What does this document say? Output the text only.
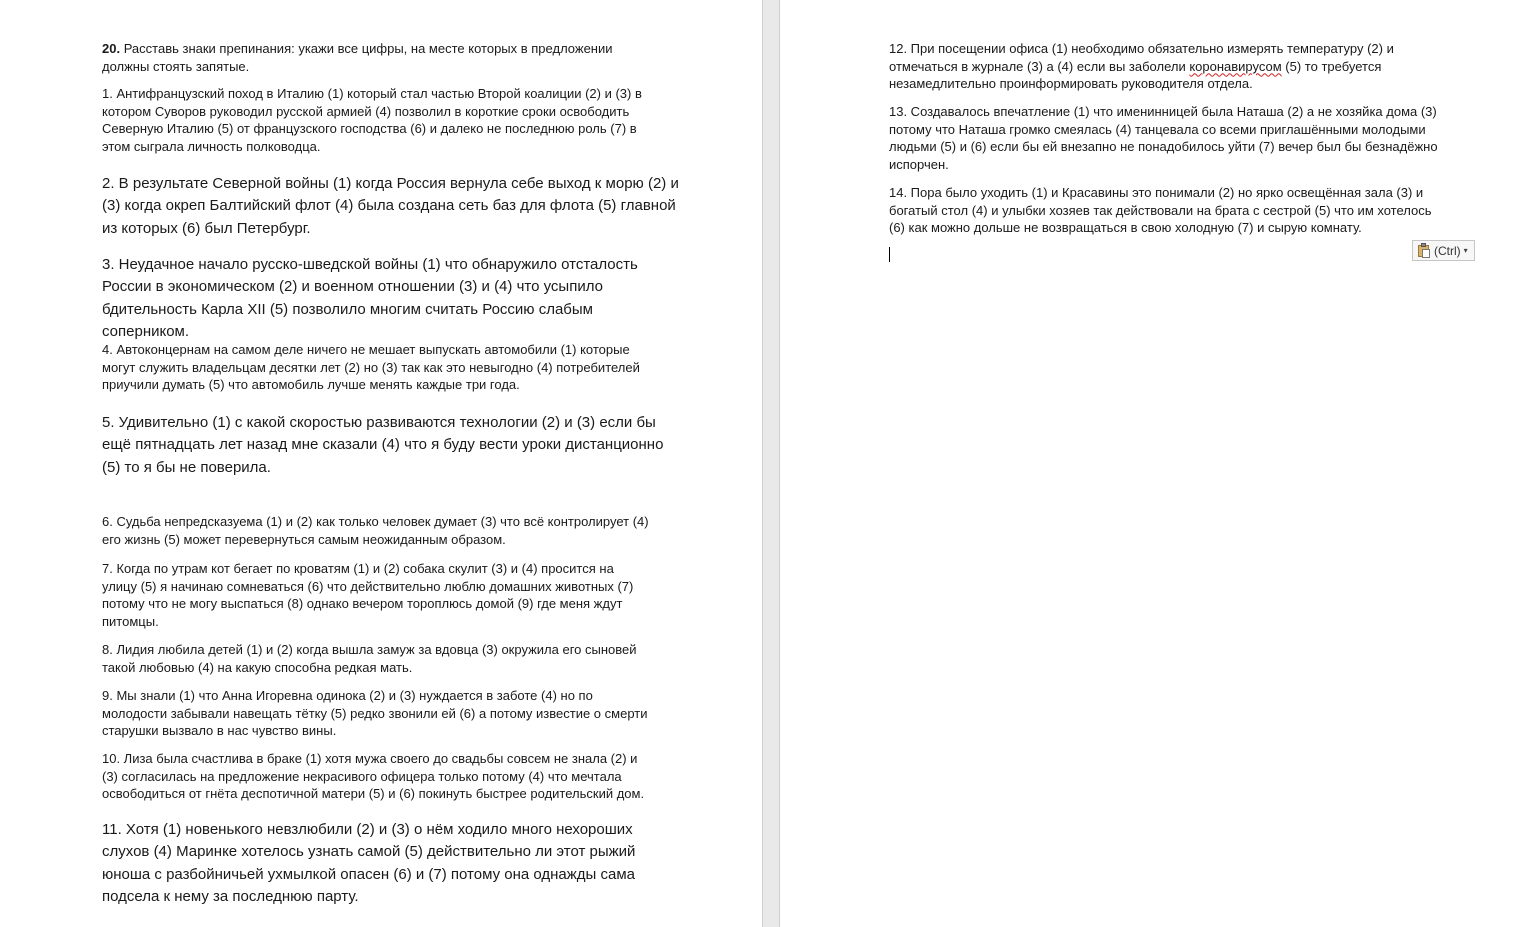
20. Расставь знаки препинания: укажи все цифры, на месте которых в предложении
должны стоять запятые.

1. Антифранцузский поход в Италию (1) который стал частью Второй коалиции (2) и (3) в
котором Суворов руководил русской армией (4) позволил в короткие сроки освободить
Северную Италию (5) от французского господства (6) и далеко не последнюю роль (7) в
этом сыграла личность полководца.

2. В результате Северной войны (1) когда Россия вернула себе выход к морю (2) и
(3) когда окреп Балтийский флот (4) была создана сеть баз для флота (5) главной
из которых (6) был Петербург.

3. Неудачное начало русско-шведской войны (1) что обнаружило отсталость
России в экономическом (2) и военном отношении (3) и (4) что усыпило
бдительность Карла XII (5) позволило многим считать Россию слабым
соперником.

4. Автоконцернам на самом деле ничего не мешает выпускать автомобили (1) которые
могут служить владельцам десятки лет (2) но (3) так как это невыгодно (4) потребителей
приучили думать (5) что автомобиль лучше менять каждые три года.

5. Удивительно (1) с какой скоростью развиваются технологии (2) и (3) если бы
ещё пятнадцать лет назад мне сказали (4) что я буду вести уроки дистанционно
(5) то я бы не поверила.

6. Судьба непредсказуема (1) и (2) как только человек думает (3) что всё контролирует (4)
его жизнь (5) может перевернуться самым неожиданным образом.

7. Когда по утрам кот бегает по кроватям (1) и (2) собака скулит (3) и (4) просится на
улицу (5) я начинаю сомневаться (6) что действительно люблю домашних животных (7)
потому что не могу выспаться (8) однако вечером тороплюсь домой (9) где меня ждут
питомцы.

8. Лидия любила детей (1) и (2) когда вышла замуж за вдовца (3) окружила его сыновей
такой любовью (4) на какую способна редкая мать.

9. Мы знали (1) что Анна Игоревна одинока (2) и (3) нуждается в заботе (4) но по
молодости забывали навещать тётку (5) редко звонили ей (6) а потому известие о смерти
старушки вызвало в нас чувство вины.

10. Лиза была счастлива в браке (1) хотя мужа своего до свадьбы совсем не знала (2) и
(3) согласилась на предложение некрасивого офицера только потому (4) что мечтала
освободиться от гнёта деспотичной матери (5) и (6) покинуть быстрее родительский дом.

11. Хотя (1) новенького невзлюбили (2) и (3) о нём ходило много нехороших
слухов (4) Маринке хотелось узнать самой (5) действительно ли этот рыжий
юноша с разбойничьей ухмылкой опасен (6) и (7) потому она однажды сама
подсела к нему за последнюю парту.

12. При посещении офиса (1) необходимо обязательно измерять температуру (2) и
отмечаться в журнале (3) а (4) если вы заболели коронавирусом (5) то требуется
незамедлительно проинформировать руководителя отдела.

13. Создавалось впечатление (1) что именинницей была Наташа (2) а не хозяйка дома (3)
потому что Наташа громко смеялась (4) танцевала со всеми приглашёнными молодыми
людьми (5) и (6) если бы ей внезапно не понадобилось уйти (7) вечер был бы безнадёжно
испорчен.

14. Пора было уходить (1) и Красавины это понимали (2) но ярко освещённая зала (3) и
богатый стол (4) и улыбки хозяев так действовали на брата с сестрой (5) что им хотелось
(6) как можно дольше не возвращаться в свою холодную (7) и сырую комнату.

(Ctrl) ▾
